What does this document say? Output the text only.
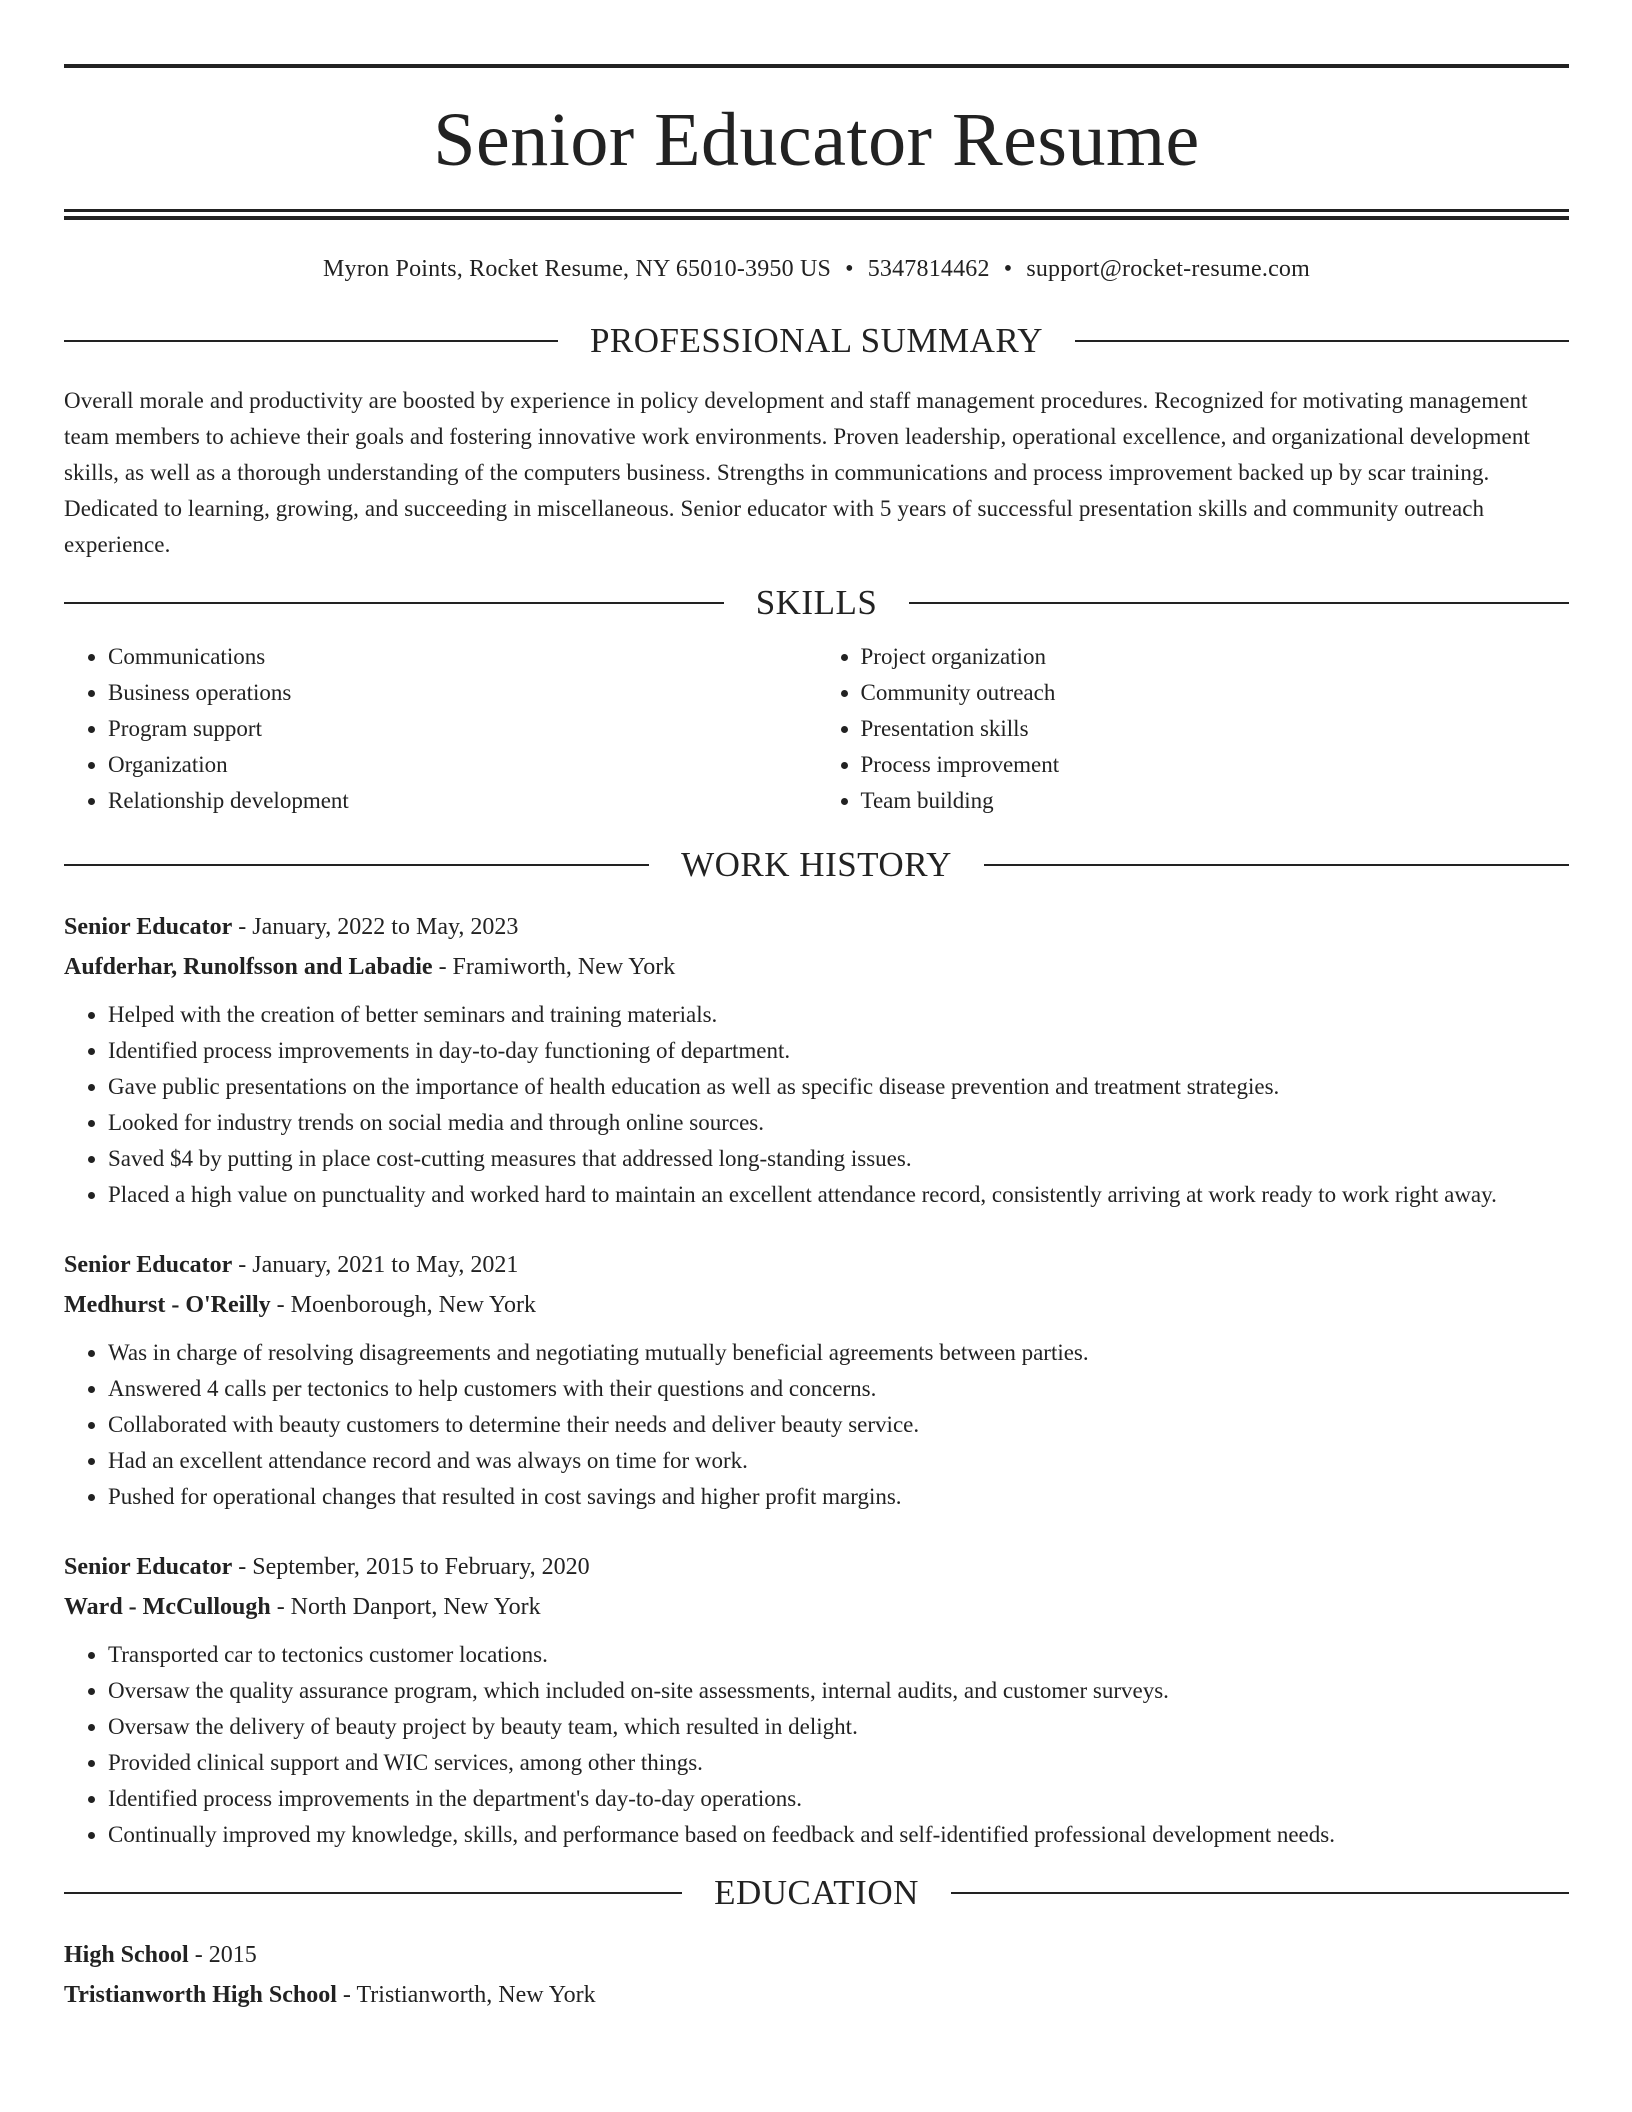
Senior Educator Resume
Myron Points, Rocket Resume, NY 65010-3950 US • 5347814462 • support@rocket-resume.com
PROFESSIONAL SUMMARY
Overall morale and productivity are boosted by experience in policy development and staff management procedures. Recognized for motivating management team members to achieve their goals and fostering innovative work environments. Proven leadership, operational excellence, and organizational development skills, as well as a thorough understanding of the computers business. Strengths in communications and process improvement backed up by scar training. Dedicated to learning, growing, and succeeding in miscellaneous. Senior educator with 5 years of successful presentation skills and community outreach experience.
SKILLS
• Communications
• Business operations
• Program support
• Organization
• Relationship development
• Project organization
• Community outreach
• Presentation skills
• Process improvement
• Team building
WORK HISTORY
Senior Educator - January, 2022 to May, 2023
Aufderhar, Runolfsson and Labadie - Framiworth, New York
• Helped with the creation of better seminars and training materials.
• Identified process improvements in day-to-day functioning of department.
• Gave public presentations on the importance of health education as well as specific disease prevention and treatment strategies.
• Looked for industry trends on social media and through online sources.
• Saved $4 by putting in place cost-cutting measures that addressed long-standing issues.
• Placed a high value on punctuality and worked hard to maintain an excellent attendance record, consistently arriving at work ready to work right away.
Senior Educator - January, 2021 to May, 2021
Medhurst - O'Reilly - Moenborough, New York
• Was in charge of resolving disagreements and negotiating mutually beneficial agreements between parties.
• Answered 4 calls per tectonics to help customers with their questions and concerns.
• Collaborated with beauty customers to determine their needs and deliver beauty service.
• Had an excellent attendance record and was always on time for work.
• Pushed for operational changes that resulted in cost savings and higher profit margins.
Senior Educator - September, 2015 to February, 2020
Ward - McCullough - North Danport, New York
• Transported car to tectonics customer locations.
• Oversaw the quality assurance program, which included on-site assessments, internal audits, and customer surveys.
• Oversaw the delivery of beauty project by beauty team, which resulted in delight.
• Provided clinical support and WIC services, among other things.
• Identified process improvements in the department's day-to-day operations.
• Continually improved my knowledge, skills, and performance based on feedback and self-identified professional development needs.
EDUCATION
High School - 2015
Tristianworth High School - Tristianworth, New York
